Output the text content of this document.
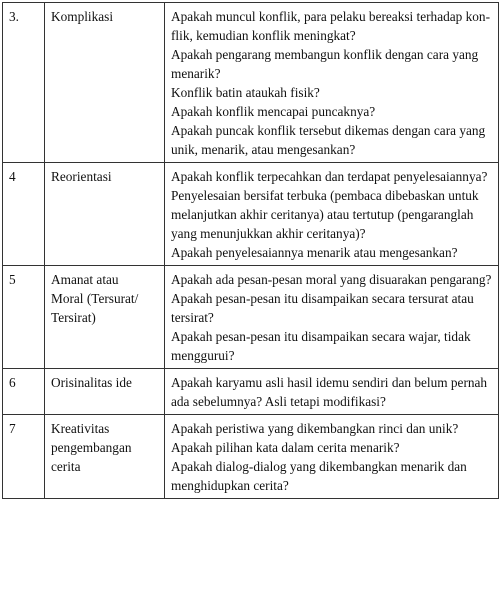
3.	Komplikasi	Apakah muncul konflik, para pelaku bereaksi terhadap kon-flik, kemudian konflik meningkat?
Apakah pengarang membangun konflik dengan cara yang menarik?
Konflik batin ataukah fisik?
Apakah konflik mencapai puncaknya?
Apakah puncak konflik tersebut dikemas dengan cara yang unik, menarik, atau mengesankan?

4	Reorientasi	Apakah konflik terpecahkan dan terdapat penyelesaiannya?
Penyelesaian bersifat terbuka (pembaca dibebaskan untuk melanjutkan akhir ceritanya) atau tertutup (pengaranglah yang menunjukkan akhir ceritanya)?
Apakah penyelesaiannya menarik atau mengesankan?

5	Amanat atau
Moral (Tersurat/
Tersirat)	Apakah ada pesan-pesan moral yang disuarakan pengarang?
Apakah pesan-pesan itu disampaikan secara tersurat atau tersirat?
Apakah pesan-pesan itu disampaikan secara wajar, tidak menggurui?

6	Orisinalitas ide	Apakah karyamu asli hasil idemu sendiri dan belum pernah ada sebelumnya? Asli tetapi modifikasi?

7	Kreativitas
pengembangan
cerita	Apakah peristiwa yang dikembangkan rinci dan unik?
Apakah pilihan kata dalam cerita menarik?
Apakah dialog-dialog yang dikembangkan menarik dan menghidupkan cerita?
